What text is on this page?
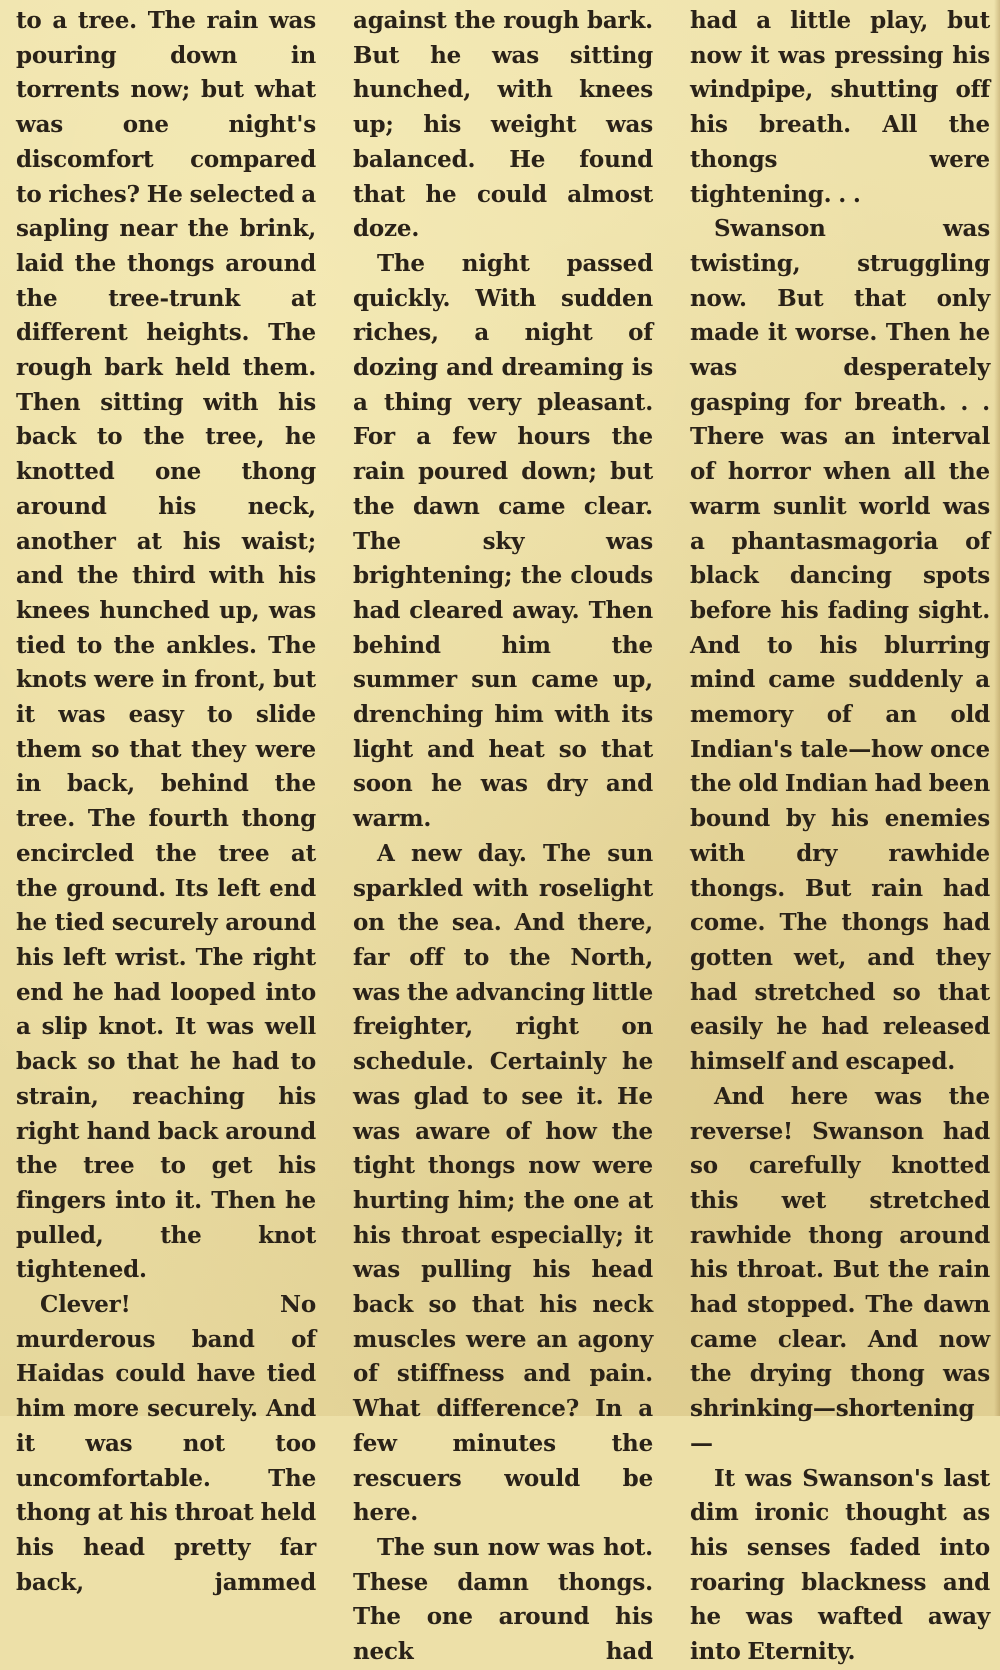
to a tree. The rain was pouring down in torrents now; but what was one night's discomfort compared to riches? He selected a sapling near the brink, laid the thongs around the tree-trunk at different heights. The rough bark held them. Then sitting with his back to the tree, he knotted one thong around his neck, another at his waist; and the third with his knees hunched up, was tied to the ankles. The knots were in front, but it was easy to slide them so that they were in back, behind the tree. The fourth thong encircled the tree at the ground. Its left end he tied securely around his left wrist. The right end he had looped into a slip knot. It was well back so that he had to strain, reaching his right hand back around the tree to get his fingers into it. Then he pulled, the knot tightened.

Clever! No murderous band of Haidas could have tied him more securely. And it was not too uncomfortable. The thong at his throat held his head pretty far back, jammed

against the rough bark. But he was sitting hunched, with knees up; his weight was balanced. He found that he could almost doze.

The night passed quickly. With sudden riches, a night of dozing and dreaming is a thing very pleasant. For a few hours the rain poured down; but the dawn came clear. The sky was brightening; the clouds had cleared away. Then behind him the summer sun came up, drenching him with its light and heat so that soon he was dry and warm.

A new day. The sun sparkled with roselight on the sea. And there, far off to the North, was the advancing little freighter, right on schedule. Certainly he was glad to see it. He was aware of how the tight thongs now were hurting him; the one at his throat especially; it was pulling his head back so that his neck muscles were an agony of stiffness and pain. What difference? In a few minutes the rescuers would be here.

The sun now was hot. These damn thongs. The one around his neck had

had a little play, but now it was pressing his windpipe, shutting off his breath. All the thongs were tightening. . .

Swanson was twisting, struggling now. But that only made it worse. Then he was desperately gasping for breath. . . There was an interval of horror when all the warm sunlit world was a phantasmagoria of black dancing spots before his fading sight. And to his blurring mind came suddenly a memory of an old Indian's tale—how once the old Indian had been bound by his enemies with dry rawhide thongs. But rain had come. The thongs had gotten wet, and they had stretched so that easily he had released himself and escaped.

And here was the reverse! Swanson had so carefully knotted this wet stretched rawhide thong around his throat. But the rain had stopped. The dawn came clear. And now the drying thong was shrinking—shortening—

It was Swanson's last dim ironic thought as his senses faded into roaring blackness and he was wafted away into Eternity.
